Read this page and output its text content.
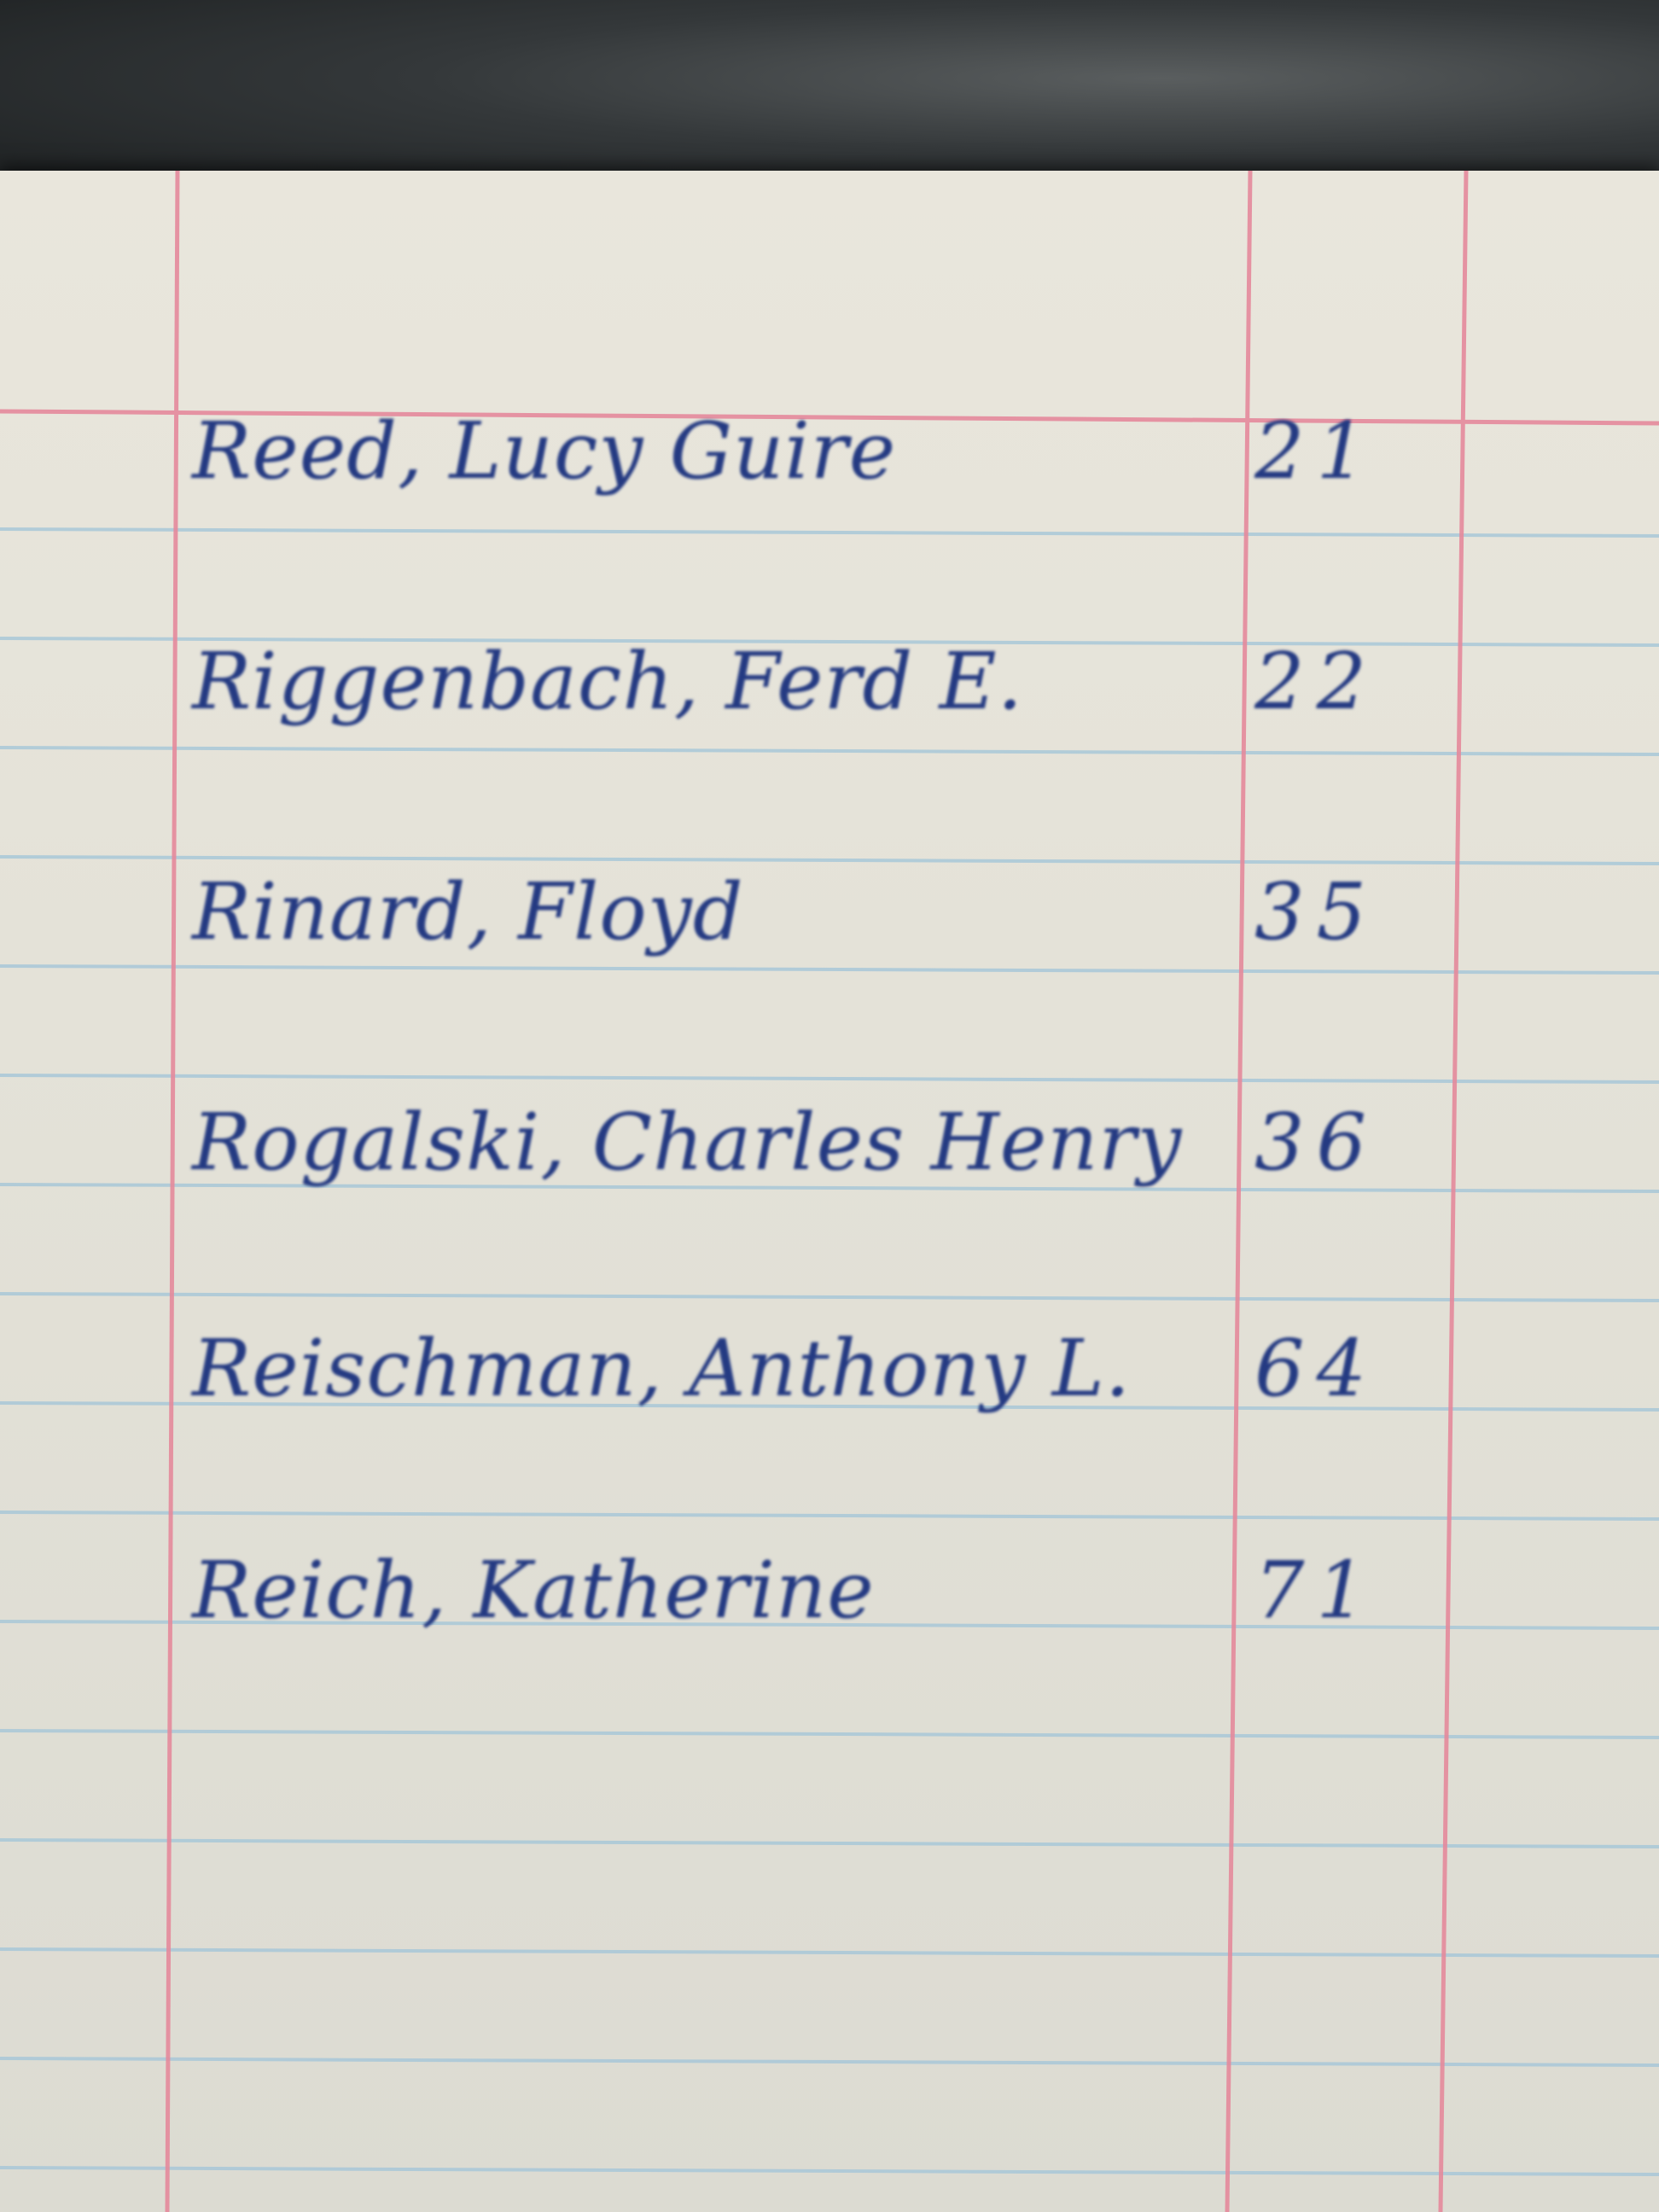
Reed, Lucy Guire	21
Riggenbach, Ferd E.	22
Rinard, Floyd	35
Rogalski, Charles Henry 36
Reischman, Anthony L.	64
Reich, Katherine	71
